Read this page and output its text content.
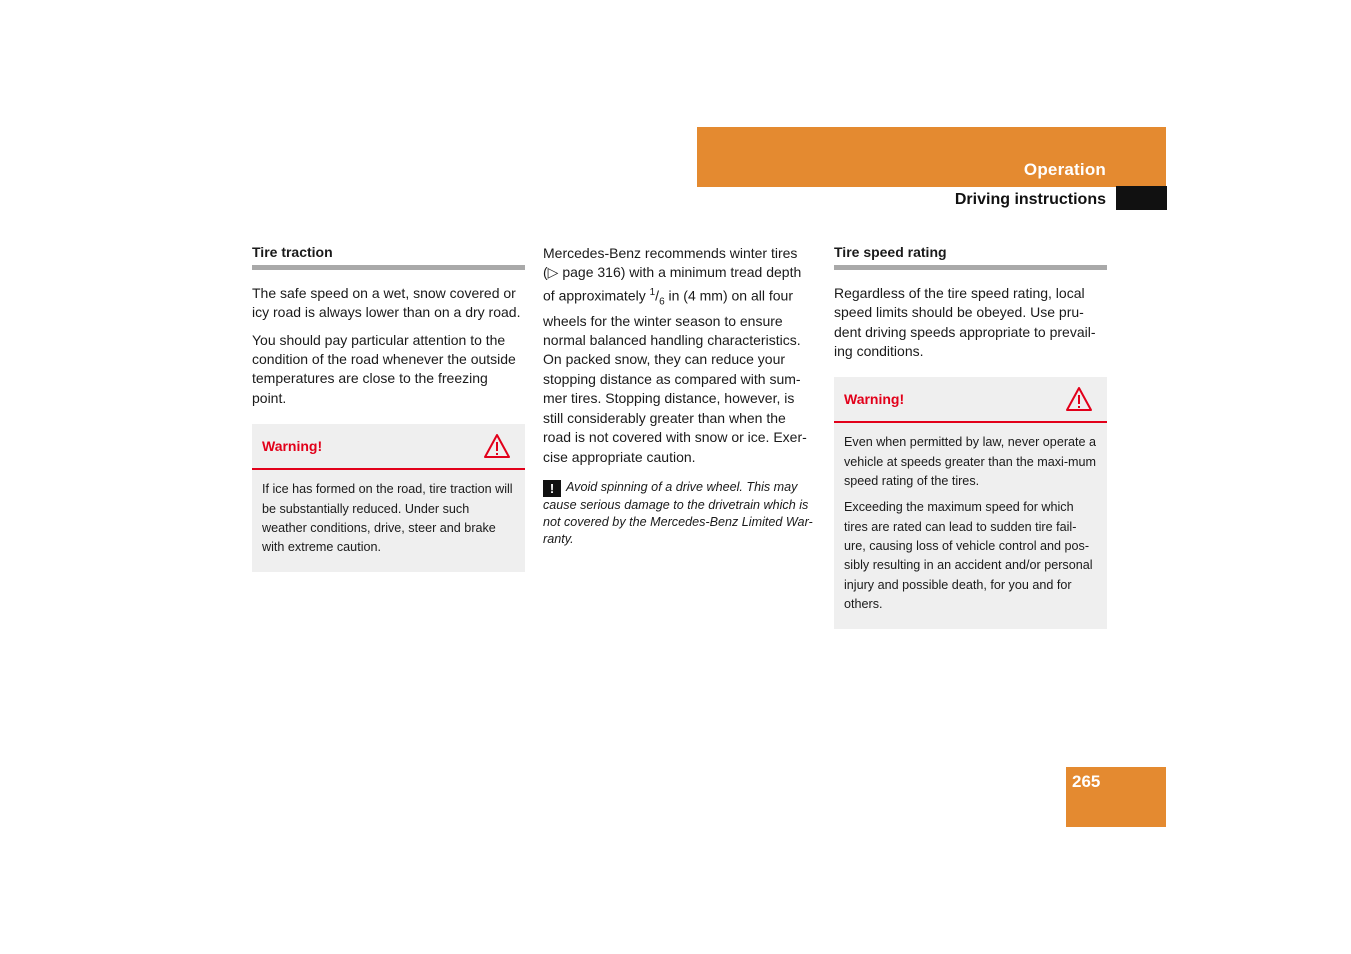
Operation
Driving instructions
Tire traction

The safe speed on a wet, snow covered or icy road is always lower than on a dry road.

You should pay particular attention to the condition of the road whenever the outside temperatures are close to the freezing point.

Warning!

If ice has formed on the road, tire traction will be substantially reduced. Under such weather conditions, drive, steer and brake with extreme caution.

Mercedes-Benz recommends winter tires (▷ page 316) with a minimum tread depth of approximately $^1/_6$ in (4 mm) on all four wheels for the winter season to ensure normal balanced handling characteristics. On packed snow, they can reduce your stopping distance as compared with sum-mer tires. Stopping distance, however, is still considerably greater than when the road is not covered with snow or ice. Exer-cise appropriate caution.

! Avoid spinning of a drive wheel. This may cause serious damage to the drivetrain which is not covered by the Mercedes-Benz Limited War-ranty.
Tire speed rating

Regardless of the tire speed rating, local speed limits should be obeyed. Use pru-dent driving speeds appropriate to prevail-ing conditions.

Warning!

Even when permitted by law, never operate a vehicle at speeds greater than the maxi-mum speed rating of the tires.

Exceeding the maximum speed for which tires are rated can lead to sudden tire fail-ure, causing loss of vehicle control and pos-sibly resulting in an accident and/or personal injury and possible death, for you and for others.

265
